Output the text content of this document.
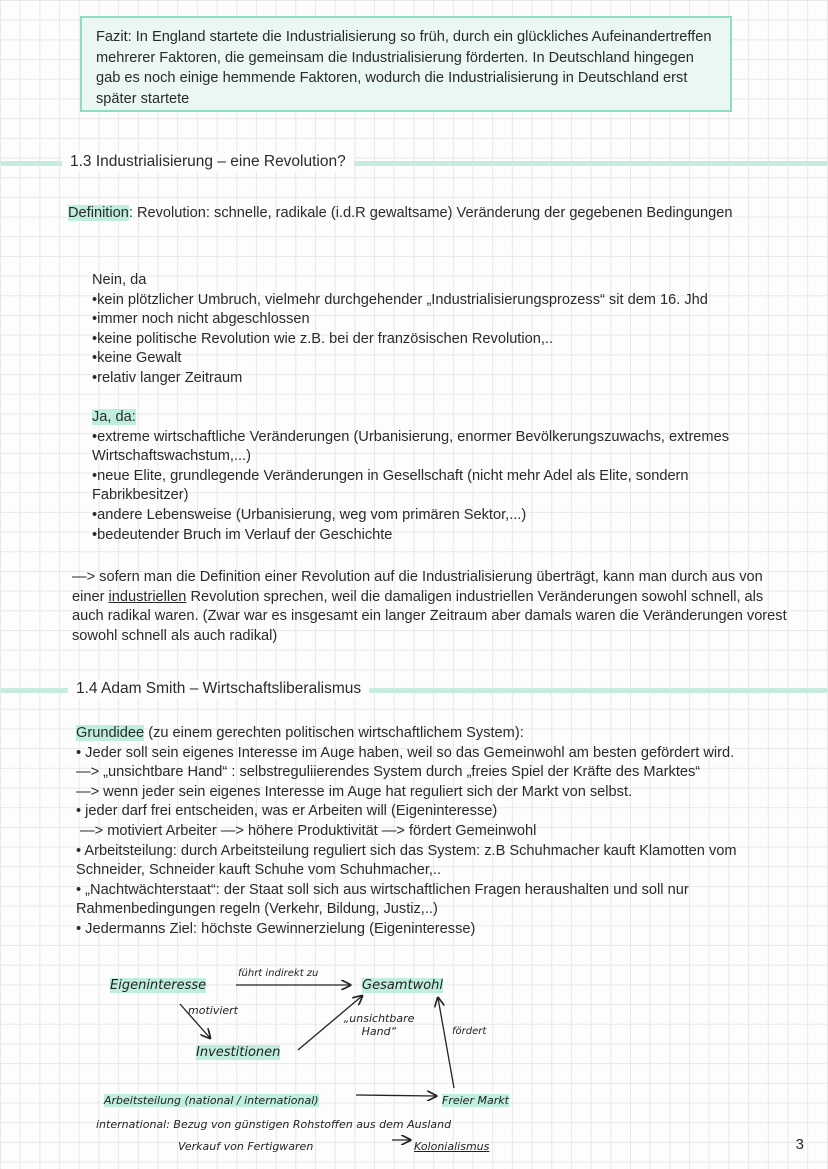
Fazit: In England startete die Industrialisierung so früh, durch ein glückliches Aufeinandertreffen mehrerer Faktoren, die gemeinsam die Industrialisierung förderten. In Deutschland hingegen gab es noch einige hemmende Faktoren, wodurch die Industrialisierung in Deutschland erst später startete
1.3 Industrialisierung – eine Revolution?
Definition: Revolution: schnelle, radikale (i.d.R gewaltsame) Veränderung der gegebenen Bedingungen
Nein, da
• kein plötzlicher Umbruch, vielmehr durchgehender „Industrialisierungsprozess“ sit dem 16. Jhd
• immer noch nicht abgeschlossen
• keine politische Revolution wie z.B. bei der französischen Revolution,..
• keine Gewalt
• relativ langer Zeitraum
Ja, da:
• extreme wirtschaftliche Veränderungen (Urbanisierung, enormer Bevölkerungszuwachs, extremes Wirtschaftswachstum,...)
• neue Elite, grundlegende Veränderungen in Gesellschaft (nicht mehr Adel als Elite, sondern Fabrikbesitzer)
• andere Lebensweise (Urbanisierung, weg vom primären Sektor,...)
• bedeutender Bruch im Verlauf der Geschichte
—> sofern man die Definition einer Revolution auf die Industrialisierung überträgt, kann man durch aus von einer industriellen Revolution sprechen, weil die damaligen industriellen Veränderungen sowohl schnell, als auch radikal waren. (Zwar war es insgesamt ein langer Zeitraum aber damals waren die Veränderungen vorest sowohl schnell als auch radikal)
1.4 Adam Smith – Wirtschaftsliberalismus
Grundidee (zu einem gerechten politischen wirtschaftlichem System):
• Jeder soll sein eigenes Interesse im Auge haben, weil so das Gemeinwohl am besten gefördert wird.
—> „unsichtbare Hand“ : selbstreguliierendes System durch „freies Spiel der Kräfte des Marktes“
—> wenn jeder sein eigenes Interesse im Auge hat reguliert sich der Markt von selbst.
• jeder darf frei entscheiden, was er Arbeiten will (Eigeninteresse)
—> motiviert Arbeiter —> höhere Produktivität —> fördert Gemeinwohl
• Arbeitsteilung: durch Arbeitsteilung reguliert sich das System: z.B Schuhmacher kauft Klamotten vom Schneider, Schneider kauft Schuhe vom Schuhmacher,..
• „Nachtwächterstaat“: der Staat soll sich aus wirtschaftlichen Fragen heraushalten und soll nur Rahmenbedingungen regeln (Verkehr, Bildung, Justiz,..)
• Jedermanns Ziel: höchste Gewinnerzielung (Eigeninteresse)
Eigeninteresse
führt indirekt zu
Gesamtwohl
motiviert
„unsichtbare Hand“	fördert
Investitionen
Arbeitsteilung (national / international)	Freier Markt
international: Bezug von günstigen Rohstoffen aus dem Ausland
Verkauf von Fertigwaren	Kolonialismus	3
